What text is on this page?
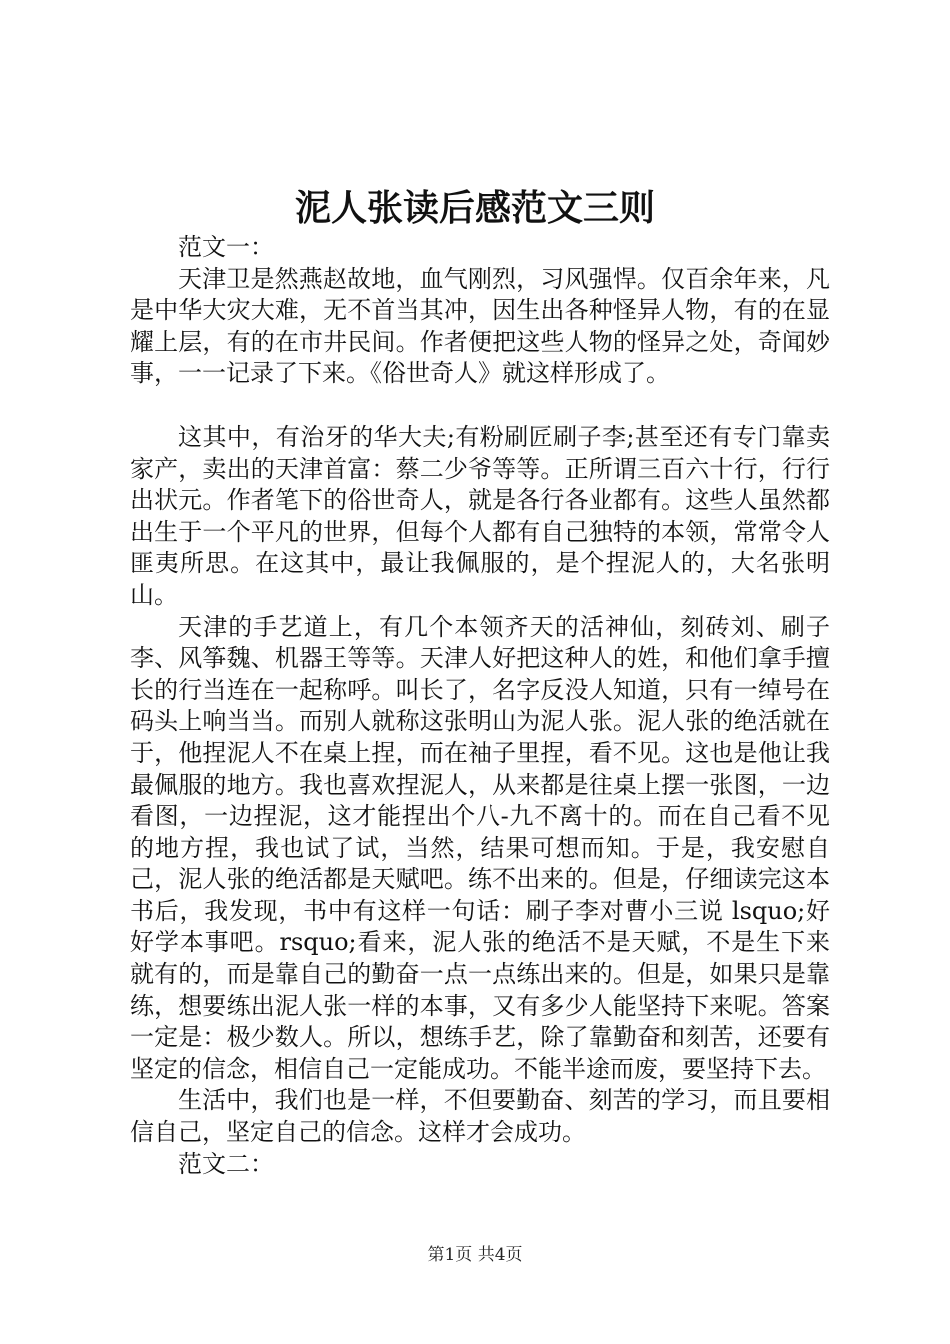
泥人张读后感范文三则

范文一：

天津卫是然燕赵故地，血气刚烈，习风强悍。仅百余年来，凡是中华大灾大难，无不首当其冲，因生出各种怪异人物，有的在显耀上层，有的在市井民间。作者便把这些人物的怪异之处，奇闻妙事，一一记录了下来。《俗世奇人》就这样形成了。

这其中，有治牙的华大夫;有粉刷匠刷子李;甚至还有专门靠卖家产，卖出的天津首富：蔡二少爷等等。正所谓三百六十行，行行出状元。作者笔下的俗世奇人，就是各行各业都有。这些人虽然都出生于一个平凡的世界，但每个人都有自己独特的本领，常常令人匪夷所思。在这其中，最让我佩服的，是个捏泥人的，大名张明山。

天津的手艺道上，有几个本领齐天的活神仙，刻砖刘、刷子李、风筝魏、机器王等等。天津人好把这种人的姓，和他们拿手擅长的行当连在一起称呼。叫长了，名字反没人知道，只有一绰号在码头上响当当。而别人就称这张明山为泥人张。泥人张的绝活就在于，他捏泥人不在桌上捏，而在袖子里捏，看不见。这也是他让我最佩服的地方。我也喜欢捏泥人，从来都是往桌上摆一张图，一边看图，一边捏泥，这才能捏出个八-九不离十的。而在自己看不见的地方捏，我也试了试，当然，结果可想而知。于是，我安慰自己，泥人张的绝活都是天赋吧。练不出来的。但是，仔细读完这本书后，我发现，书中有这样一句话：刷子李对曹小三说 lsquo;好好学本事吧。rsquo;看来，泥人张的绝活不是天赋，不是生下来就有的，而是靠自己的勤奋一点一点练出来的。但是，如果只是靠练，想要练出泥人张一样的本事，又有多少人能坚持下来呢。答案一定是：极少数人。所以，想练手艺，除了靠勤奋和刻苦，还要有坚定的信念，相信自己一定能成功。不能半途而废，要坚持下去。

生活中，我们也是一样，不但要勤奋、刻苦的学习，而且要相信自己，坚定自己的信念。这样才会成功。

范文二：

第1页 共4页
